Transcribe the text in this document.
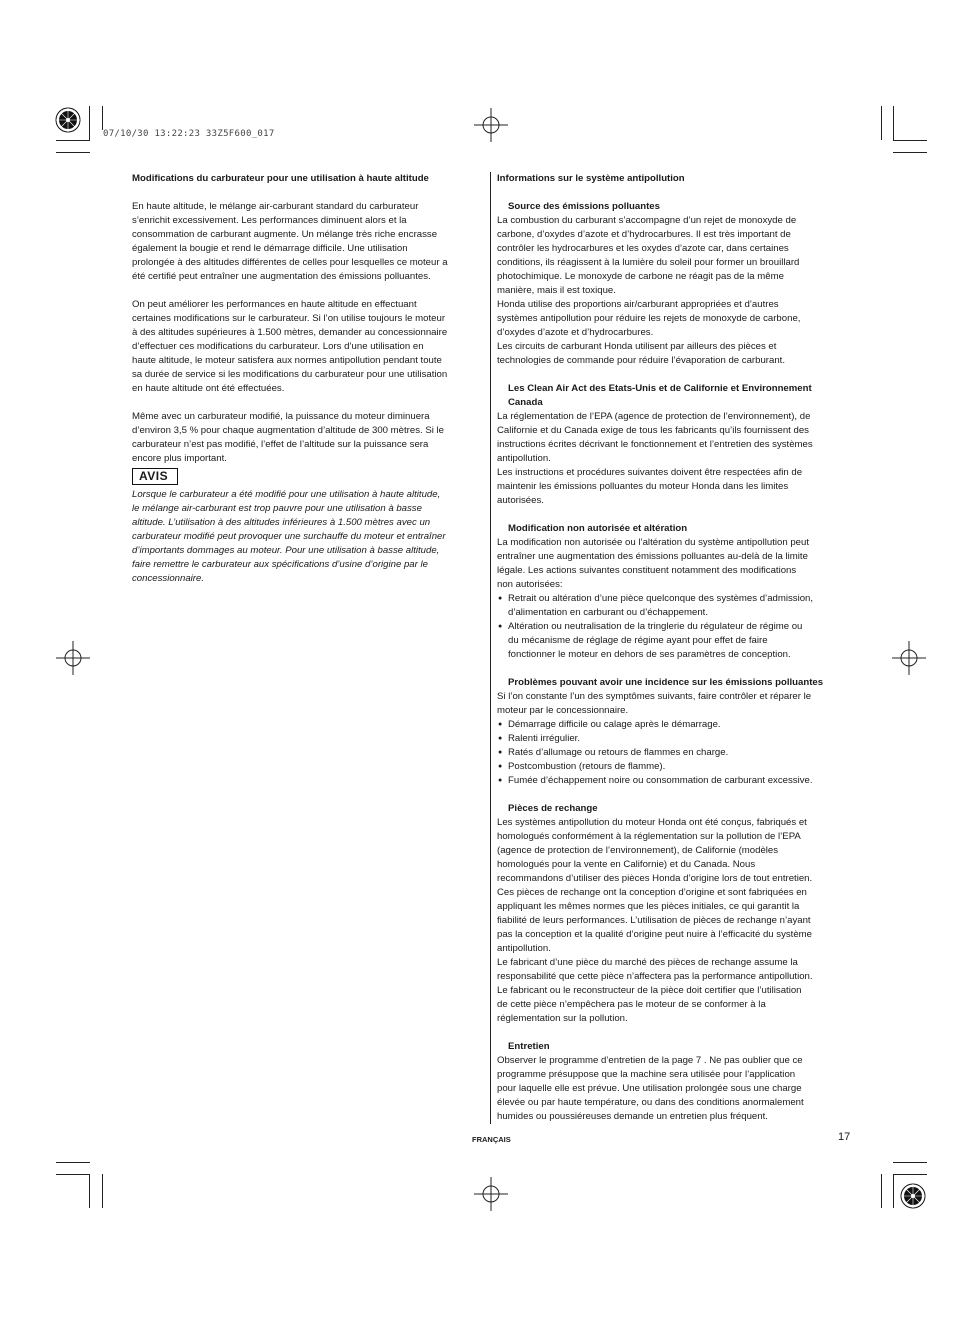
07/10/30 13:22:23 33Z5F600_017

Modifications du carburateur pour une utilisation à haute altitude

En haute altitude, le mélange air-carburant standard du carburateur
s’enrichit excessivement. Les performances diminuent alors et la
consommation de carburant augmente. Un mélange très riche encrasse
également la bougie et rend le démarrage difficile. Une utilisation
prolongée à des altitudes différentes de celles pour lesquelles ce moteur a
été certifié peut entraîner une augmentation des émissions polluantes.
On peut améliorer les performances en haute altitude en effectuant
certaines modifications sur le carburateur. Si l’on utilise toujours le moteur
à des altitudes supérieures à 1.500 mètres, demander au concessionnaire
d’effectuer ces modifications du carburateur. Lors d’une utilisation en
haute altitude, le moteur satisfera aux normes antipollution pendant toute
sa durée de service si les modifications du carburateur pour une utilisation
en haute altitude ont été effectuées.
Même avec un carburateur modifié, la puissance du moteur diminuera
d’environ 3,5 % pour chaque augmentation d’altitude de 300 mètres. Si le
carburateur n’est pas modifié, l’effet de l’altitude sur la puissance sera
encore plus important.
AVIS
Lorsque le carburateur a été modifié pour une utilisation à haute altitude,
le mélange air-carburant est trop pauvre pour une utilisation à basse
altitude. L’utilisation à des altitudes inférieures à 1.500 mètres avec un
carburateur modifié peut provoquer une surchauffe du moteur et entraîner
d’importants dommages au moteur. Pour une utilisation à basse altitude,
faire remettre le carburateur aux spécifications d’usine d’origine par le
concessionnaire.

Informations sur le système antipollution

Source des émissions polluantes

La combustion du carburant s’accompagne d’un rejet de monoxyde de
carbone, d’oxydes d’azote et d’hydrocarbures. Il est très important de
contrôler les hydrocarbures et les oxydes d’azote car, dans certaines
conditions, ils réagissent à la lumière du soleil pour former un brouillard
photochimique. Le monoxyde de carbone ne réagit pas de la même
manière, mais il est toxique.
Honda utilise des proportions air/carburant appropriées et d’autres
systèmes antipollution pour réduire les rejets de monoxyde de carbone,
d’oxydes d’azote et d’hydrocarbures.
Les circuits de carburant Honda utilisent par ailleurs des pièces et
technologies de commande pour réduire l’évaporation de carburant.
Les Clean Air Act des Etats-Unis et de Californie et Environnement
Canada
La réglementation de l’EPA (agence de protection de l’environnement), de
Californie et du Canada exige de tous les fabricants qu’ils fournissent des
instructions écrites décrivant le fonctionnement et l’entretien des systèmes
antipollution.
Les instructions et procédures suivantes doivent être respectées afin de
maintenir les émissions polluantes du moteur Honda dans les limites
autorisées.

Modification non autorisée et altération

La modification non autorisée ou l’altération du système antipollution peut
entraîner une augmentation des émissions polluantes au-delà de la limite
légale. Les actions suivantes constituent notamment des modifications
non autorisées:
● Retrait ou altération d’une pièce quelconque des systèmes d’admission,
d’alimentation en carburant ou d’échappement.
● Altération ou neutralisation de la tringlerie du régulateur de régime ou
du mécanisme de réglage de régime ayant pour effet de faire
fonctionner le moteur en dehors de ses paramètres de conception.

Problèmes pouvant avoir une incidence sur les émissions polluantes

Si l’on constante l’un des symptômes suivants, faire contrôler et réparer le
moteur par le concessionnaire.
● Démarrage difficile ou calage après le démarrage.
● Ralenti irrégulier.
● Ratés d’allumage ou retours de flammes en charge.
● Postcombustion (retours de flamme).
● Fumée d’échappement noire ou consommation de carburant excessive.

Pièces de rechange

Les systèmes antipollution du moteur Honda ont été conçus, fabriqués et
homologués conformément à la réglementation sur la pollution de l’EPA
(agence de protection de l’environnement), de Californie (modèles
homologués pour la vente en Californie) et du Canada. Nous
recommandons d’utiliser des pièces Honda d’origine lors de tout entretien.
Ces pièces de rechange ont la conception d’origine et sont fabriquées en
appliquant les mêmes normes que les pièces initiales, ce qui garantit la
fiabilité de leurs performances. L’utilisation de pièces de rechange n’ayant
pas la conception et la qualité d’origine peut nuire à l’efficacité du système
antipollution.
Le fabricant d’une pièce du marché des pièces de rechange assume la
responsabilité que cette pièce n’affectera pas la performance antipollution.
Le fabricant ou le reconstructeur de la pièce doit certifier que l’utilisation
de cette pièce n’empêchera pas le moteur de se conformer à la
réglementation sur la pollution.

Entretien

Observer le programme d’entretien de la page 7 . Ne pas oublier que ce
programme présuppose que la machine sera utilisée pour l’application
pour laquelle elle est prévue. Une utilisation prolongée sous une charge
élevée ou par haute température, ou dans des conditions anormalement
humides ou poussiéreuses demande un entretien plus fréquent.
FRANÇAIS	17
